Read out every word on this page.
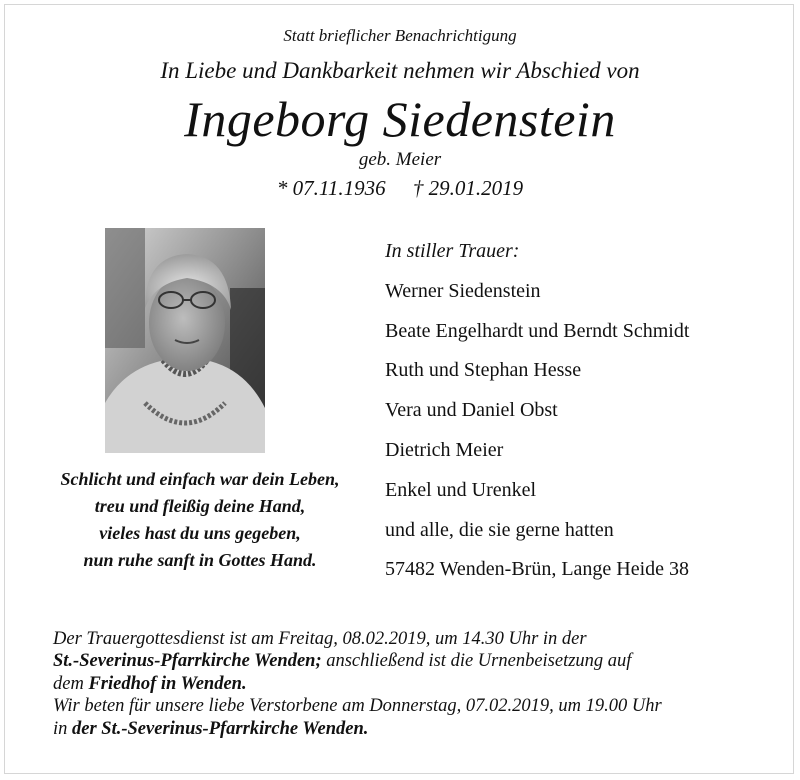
Statt brieflicher Benachrichtigung
In Liebe und Dankbarkeit nehmen wir Abschied von
Ingeborg Siedenstein
geb. Meier
* 07.11.1936 † 29.01.2019
Schlicht und einfach war dein Leben,
treu und fleißig deine Hand,
vieles hast du uns gegeben,
nun ruhe sanft in Gottes Hand.
In stiller Trauer:
Werner Siedenstein
Beate Engelhardt und Berndt Schmidt
Ruth und Stephan Hesse
Vera und Daniel Obst
Dietrich Meier
Enkel und Urenkel
und alle, die sie gerne hatten
57482 Wenden-Brün, Lange Heide 38
Der Trauergottesdienst ist am Freitag, 08.02.2019, um 14.30 Uhr in der
St.-Severinus-Pfarrkirche Wenden; anschließend ist die Urnenbeisetzung auf
dem Friedhof in Wenden.
Wir beten für unsere liebe Verstorbene am Donnerstag, 07.02.2019, um 19.00 Uhr
in der St.-Severinus-Pfarrkirche Wenden.
